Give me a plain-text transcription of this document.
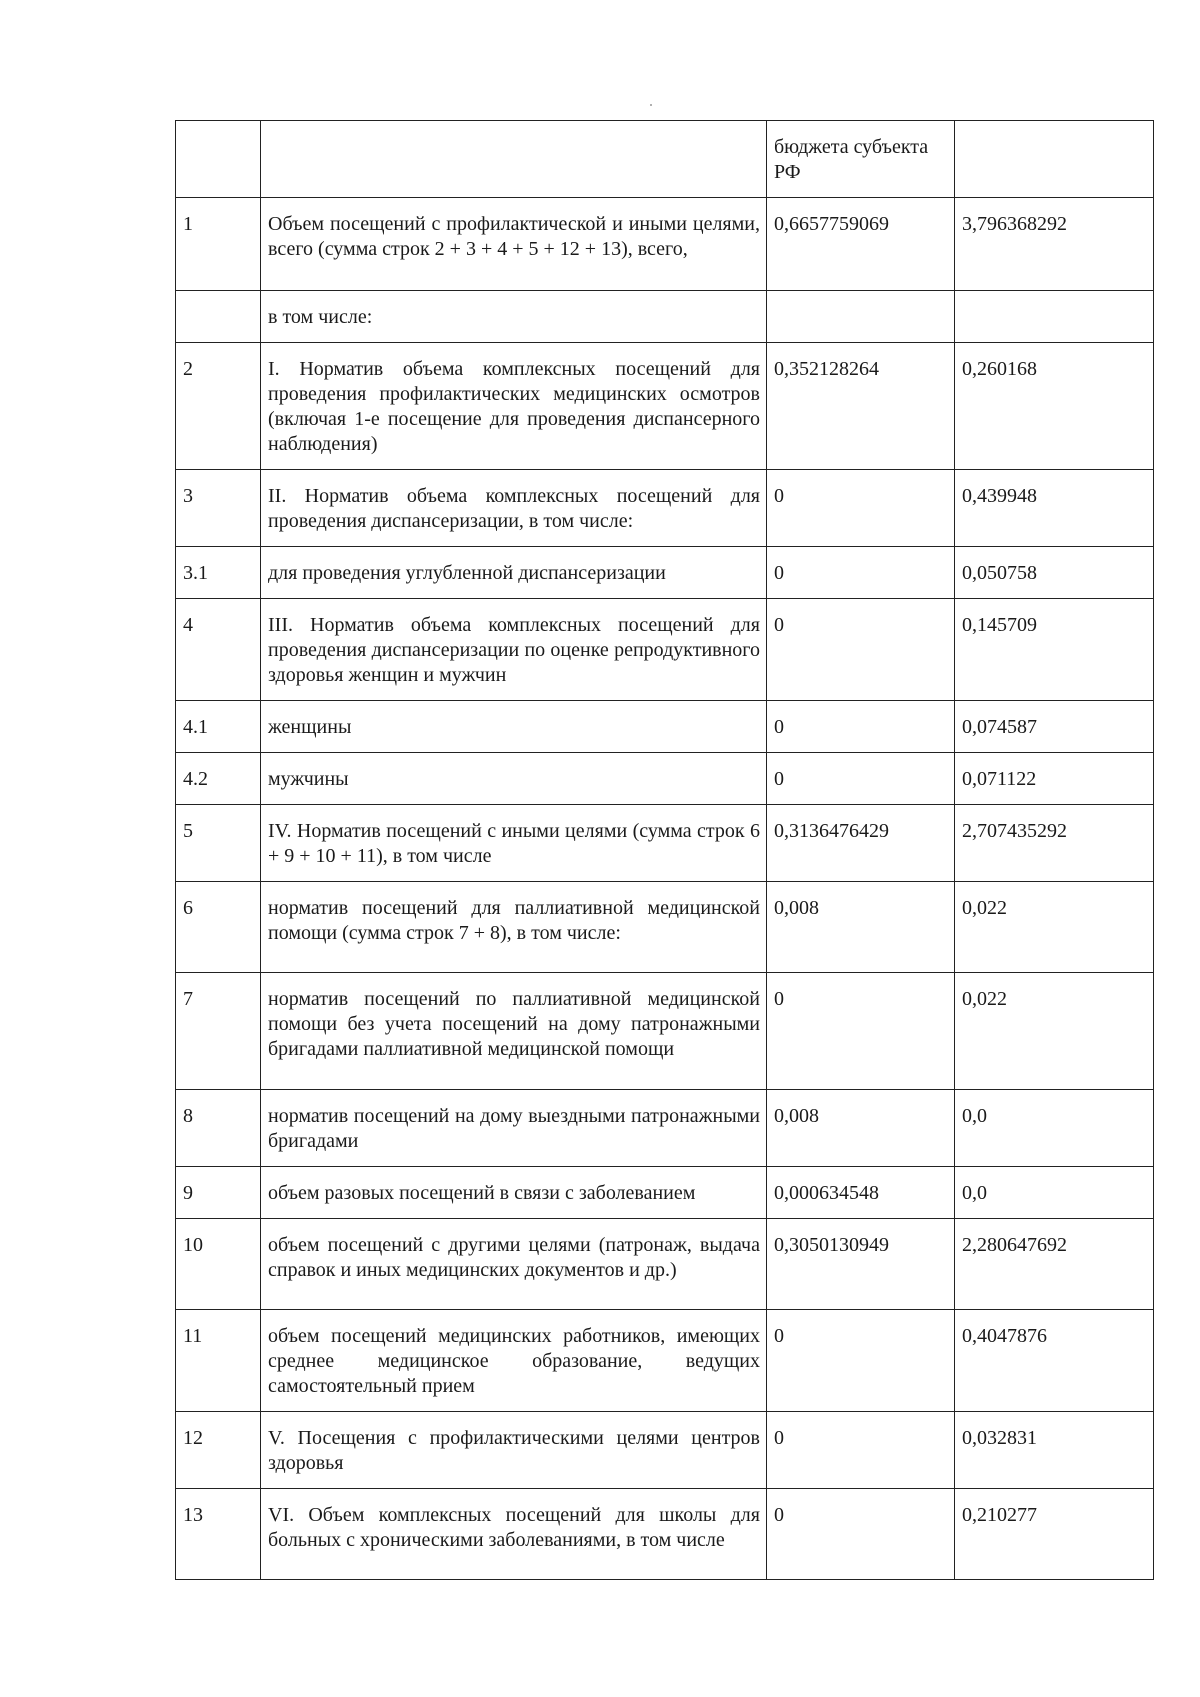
		бюджета субъекта РФ	
1	Объем посещений с профилактической и иными целями, всего (сумма строк 2 + 3 + 4 + 5 + 12 + 13), всего,	0,6657759069	3,796368292
	в том числе:		
2	I. Норматив объема комплексных посещений для проведения профилактических медицинских осмотров (включая 1-е посещение для проведения диспансерного наблюдения)	0,352128264	0,260168
3	II. Норматив объема комплексных посещений для проведения диспансеризации, в том числе:	0	0,439948
3.1	для проведения углубленной диспансеризации	0	0,050758
4	III. Норматив объема комплексных посещений для проведения диспансеризации по оценке репродуктивного здоровья женщин и мужчин	0	0,145709
4.1	женщины	0	0,074587
4.2	мужчины	0	0,071122
5	IV. Норматив посещений с иными целями (сумма строк 6 + 9 + 10 + 11), в том числе	0,3136476429	2,707435292
6	норматив посещений для паллиативной медицинской помощи (сумма строк 7 + 8), в том числе:	0,008	0,022
7	норматив посещений по паллиативной медицинской помощи без учета посещений на дому патронажными бригадами паллиативной медицинской помощи	0	0,022
8	норматив посещений на дому выездными патронажными бригадами	0,008	0,0
9	объем разовых посещений в связи с заболеванием	0,000634548	0,0
10	объем посещений с другими целями (патронаж, выдача справок и иных медицинских документов и др.)	0,3050130949	2,280647692
11	объем посещений медицинских работников, имеющих среднее медицинское образование, ведущих самостоятельный прием	0	0,4047876
12	V. Посещения с профилактическими целями центров здоровья	0	0,032831
13	VI. Объем комплексных посещений для школы для больных с хроническими заболеваниями, в том числе	0	0,210277
